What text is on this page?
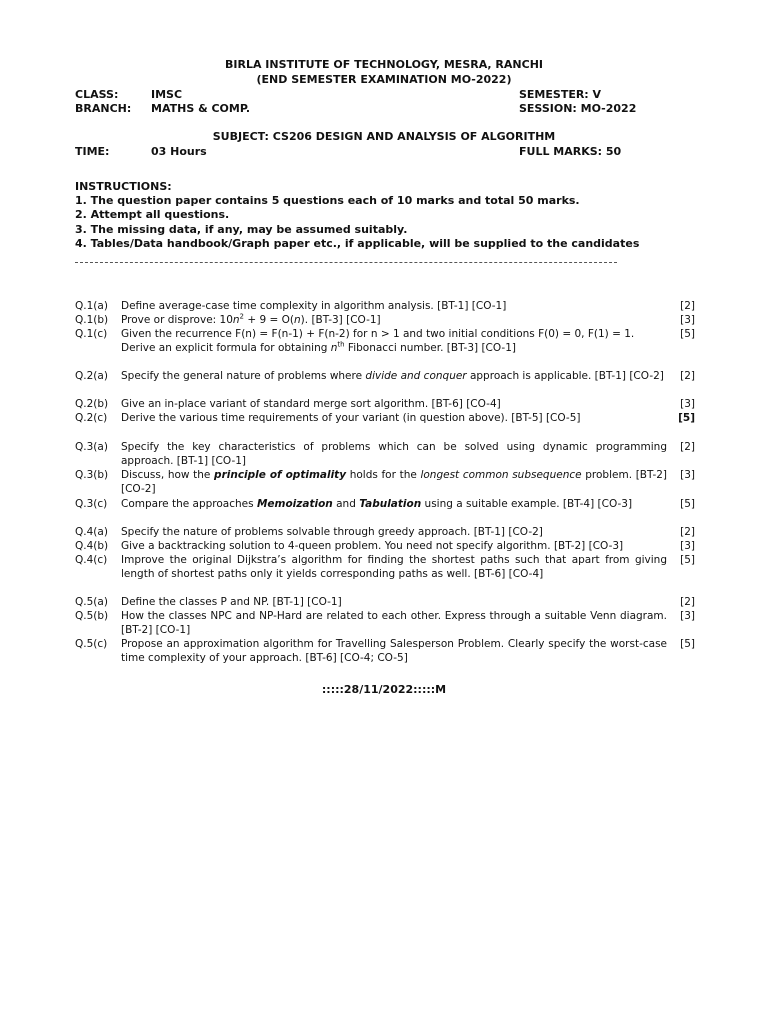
BIRLA INSTITUTE OF TECHNOLOGY, MESRA, RANCHI
(END SEMESTER EXAMINATION MO-2022)
CLASS:	IMSC	SEMESTER: V
BRANCH: MATHS & COMP.	SESSION: MO-2022
SUBJECT: CS206 DESIGN AND ANALYSIS OF ALGORITHM
TIME:	03 Hours	FULL MARKS: 50
INSTRUCTIONS:
1. The question paper contains 5 questions each of 10 marks and total 50 marks.
2. Attempt all questions.
3. The missing data, if any, may be assumed suitably.
4. Tables/Data handbook/Graph paper etc., if applicable, will be supplied to the candidates
Q.1(a)	Define average-case time complexity in algorithm analysis. [BT-1] [CO-1]	[2]
Q.1(b)	Prove or disprove: $10n^2 + 9 = O(n)$. [BT-3] [CO-1]	[3]
Q.1(c)	Given the recurrence F(n) = F(n-1) + F(n-2) for n > 1 and two initial conditions F(0) = 0, F(1) = 1.
Derive an explicit formula for obtaining $n^{th}$ Fibonacci number. [BT-3] [CO-1]
[5]
Q.2(a)	Specify the general nature of problems where divide and conquer approach is applicable. [BT-1] [CO-2]	[2]
Q.2(b)	Give an in-place variant of standard merge sort algorithm. [BT-6] [CO-4]	[3]
Q.2(c)	Derive the various time requirements of your variant (in question above). [BT-5] [CO-5]	[5]
Q.3(a)	Specify the key characteristics of problems which can be solved using dynamic programming approach. [BT-1] [CO-1]
[2]
Q.3(b)	Discuss, how the principle of optimality holds for the longest common subsequence problem. [BT-2] [CO-2]
[3]
Q.3(c)	Compare the approaches Memoization and Tabulation using a suitable example. [BT-4] [CO-3]	[5]
Q.4(a)	Specify the nature of problems solvable through greedy approach. [BT-1] [CO-2]	[2]
Q.4(b)	Give a backtracking solution to 4-queen problem. You need not specify algorithm. [BT-2] [CO-3]	[3]
Q.4(c)	Improve the original Dijkstra’s algorithm for finding the shortest paths such that apart from giving length of shortest paths only it yields corresponding paths as well. [BT-6] [CO-4]
[5]
Q.5(a)	Define the classes P and NP. [BT-1] [CO-1]	[2]
Q.5(b)	How the classes NPC and NP-Hard are related to each other. Express through a suitable Venn diagram. [BT-2] [CO-1]
[3]
Q.5(c)	Propose an approximation algorithm for Travelling Salesperson Problem. Clearly specify the worst-case time complexity of your approach. [BT-6] [CO-4; CO-5]
[5]
:::::28/11/2022:::::M
